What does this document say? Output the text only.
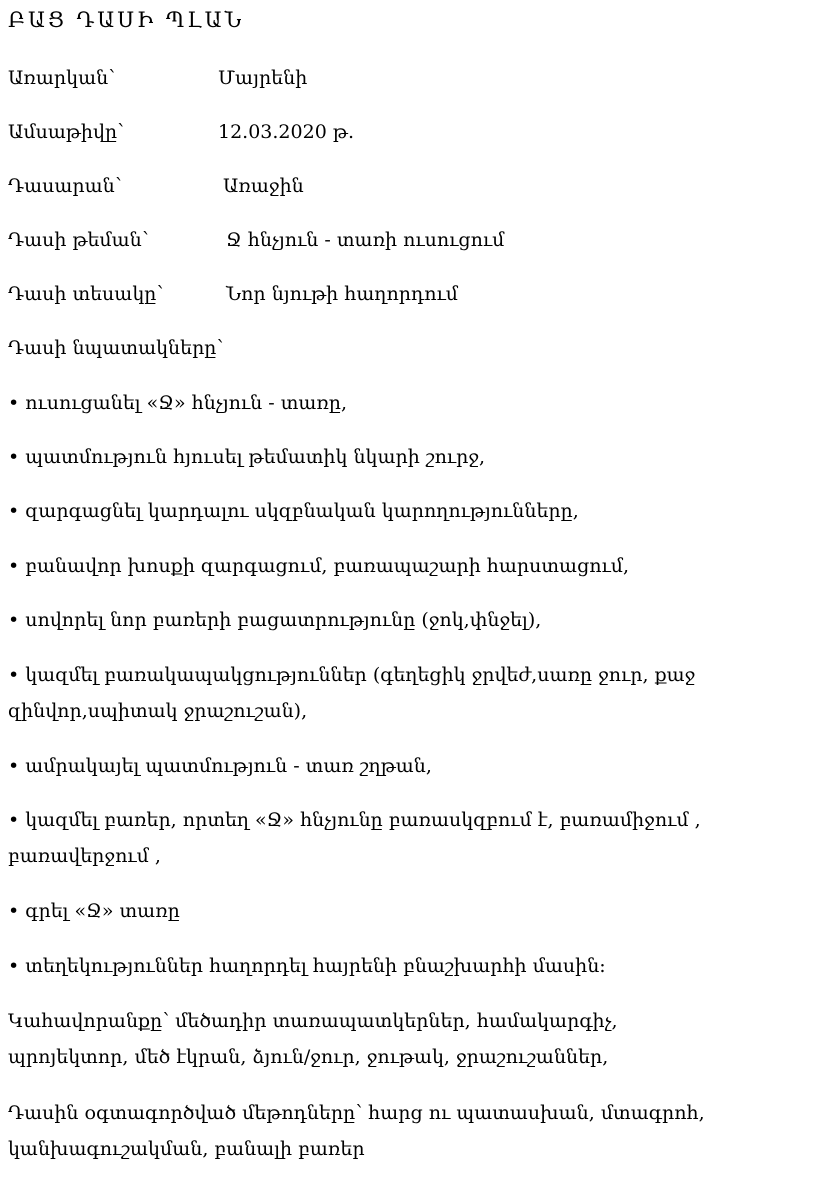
ԲԱՑ ԴԱՍԻ ՊԼԱՆ

Առարկան՝	Մայրենի

Ամսաթիվը՝	12.03.2020 թ․

Դասարան՝	Առաջին

Դասի թեման՝	Ջ հնչյուն - տառի ուսուցում

Դասի տեսակը՝	Նոր նյութի հաղորդում

Դասի նպատակները՝

• ուսուցանել «Ջ» հնչյուն - տառը,

• պատմություն հյուսել թեմատիկ նկարի շուրջ,

• զարգացնել կարդալու սկզբնական կարողությունները,

• բանավոր խոսքի զարգացում, բառապաշարի հարստացում,

• սովորել նոր բառերի բացատրությունը (ջոկ,փնջել),

• կազմել բառակապակցություններ (գեղեցիկ ջրվեժ,սառը ջուր, քաջ

զինվոր,սպիտակ ջրաշուշան),

• ամրակայել պատմություն - տառ շղթան,

• կազմել բառեր, որտեղ «Ջ» հնչյունը բառասկզբում է, բառամիջում ,

բառավերջում ,

• գրել «Ջ» տառը

• տեղեկություններ հաղորդել հայրենի բնաշխարհի մասին:

Կահավորանքը՝ մեծադիր տառապատկերներ, համակարգիչ,

պրոյեկտոր, մեծ էկրան, ձյուն/ջուր, ջութակ, ջրաշուշաններ,

Դասին օգտագործված մեթոդները՝ հարց ու պատասխան, մտագրոհ,

կանխագուշակման, բանալի բառեր
